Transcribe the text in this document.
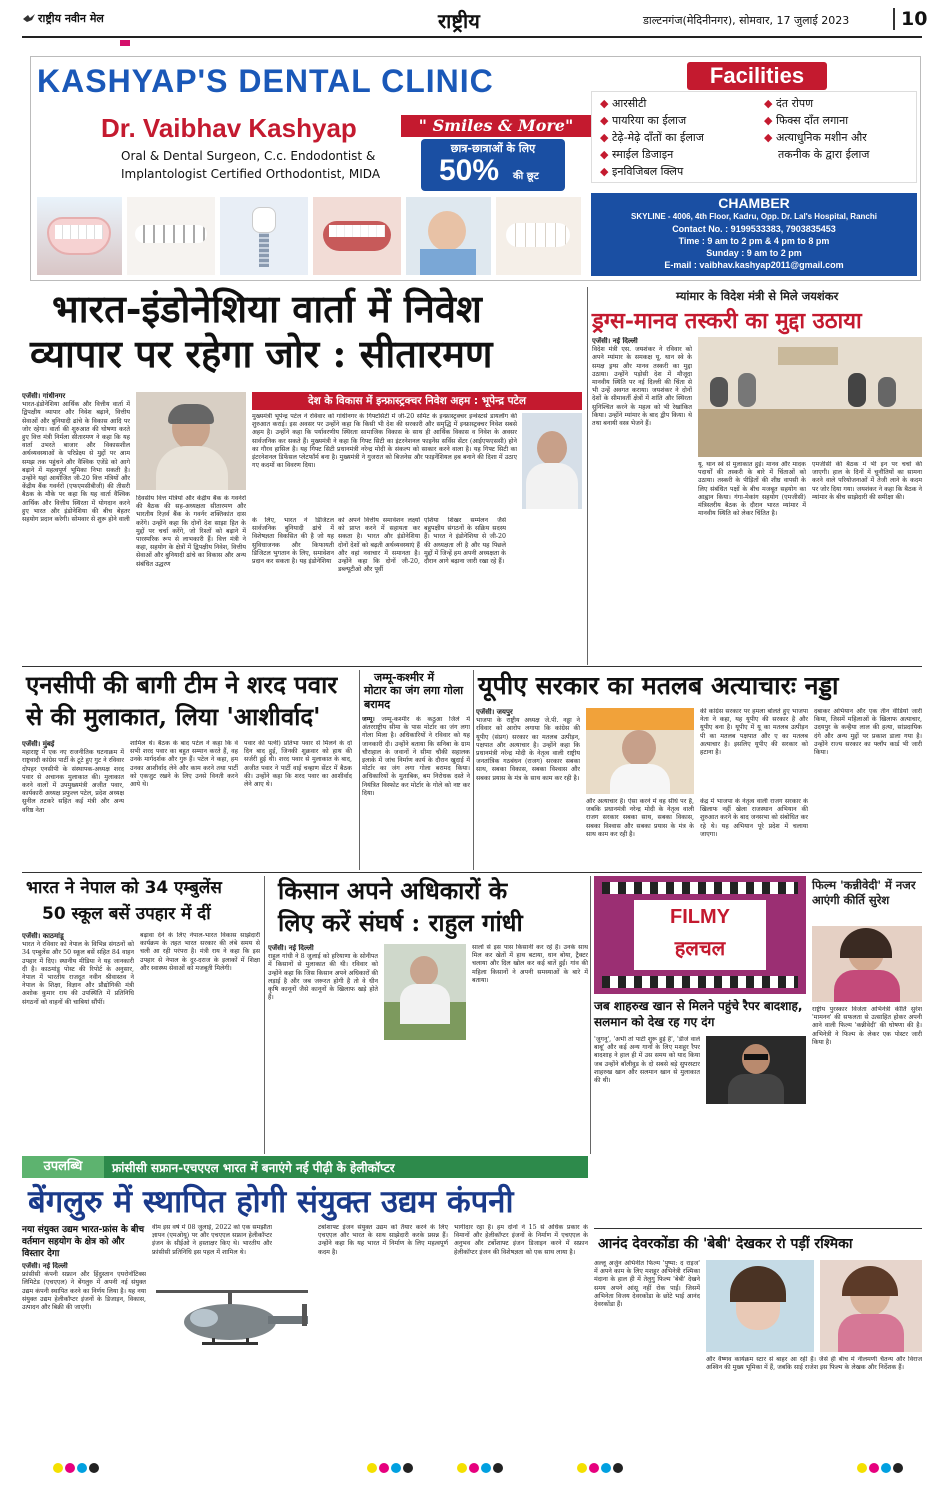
राष्ट्रीय नवीन मेल	राष्ट्रीय	डाल्टनगंज(मेदिनीनगर), सोमवार, 17 जुलाई 2023	10
KASHYAP'S DENTAL CLINIC
Dr. Vaibhav Kashyap	" Smiles & More"
Oral & Dental Surgeon, C.c. Endodontist &
Implantologist Certified Orthodontist, MIDA
छात्र-छात्राओं के लिए
50% की छूट
Facilities
◆ आरसीटी
◆ पायरिया का ईलाज
◆ टेढ़े-मेढ़े दाँतों का ईलाज
◆ स्माईल डिजाइन
◆ इनविजिबल क्लिप
◆ दंत रोपण
◆ फिक्स दाँत लगाना
◆ अत्याधुनिक मशीन और
तकनीक के द्वारा ईलाज
CHAMBER
SKYLINE - 4006, 4th Floor, Kadru, Opp. Dr. Lal's Hospital, Ranchi
Contact No. : 9199533383, 7903835453
Time : 9 am to 2 pm & 4 pm to 8 pm
Sunday : 9 am to 2 pm
E-mail : vaibhav.kashyap2011@gmail.com
भारत-इंडोनेशिया वार्ता में निवेश
व्यापार पर रहेगा जोर : सीतारमण
एजेंसी। गांधीनगर
भारत-इंडोनेशिया आर्थिक और वित्तीय वार्ता में द्विपक्षीय व्यापार और निवेश बढ़ाने, वित्तीय सेवाओं और बुनियादी ढांचे के विकास आदि पर जोर रहेगा। वार्ता की शुरुआत की घोषणा करते हुए वित्त मंत्री निर्मला सीतारमण ने कहा कि यह वार्ता उभरते बाजार और विकासशील अर्थव्यवस्थाओं के परिप्रेक्ष्य से मुद्दों पर आम समझ तक पहुंचने और वैश्विक एजेंडे को आगे बढ़ाने में महत्वपूर्ण भूमिका निभा सकती है। उन्होंने यहां आयोजित जी-20 वित्त मंत्रियों और केंद्रीय बैंक गवर्नरों (एफएमसीबीजी) की तीसरी बैठक के मौके पर कहा कि यह वार्ता वैश्विक आर्थिक और वित्तीय स्थिरता में योगदान करने हुए भारत और इंडोनेशिया की बीच बेहतर सहयोग प्रदान करेगी। सोमवार से शुरू होने वाली
दिवसीय वित्त मंत्रियों और केंद्रीय बैंक के गवर्नरों की बैठक की सह-अध्यक्षता सीतारमण और भारतीय रिज़र्व बैंक के गवर्नर शक्तिकांत दास करेंगे। उन्होंने कहा कि दोनों देश साझा हित के मुद्दों पर चर्चा करेंगे, जो रिश्तों को बढ़ाने में पारस्परिक रूप से लाभकारी हैं। वित्त मंत्री ने कहा, सहयोग के क्षेत्रों में द्विपक्षीय निवेश, वित्तीय सेवाओं और बुनियादी ढांचे का विकास और अन्य संबंधित उद्धरण
देश के विकास में इन्फ्रास्ट्रक्चर निवेश अहम : भूपेन्द्र पटेल
मुख्यमंत्री भूपेन्द्र पटेल ने रविवार को गांधीनगर के गिफ्टसिटी में जी-20 समिट के इन्फ्रास्ट्रक्चर इन्वेस्टर्स डायलॉग की शुरुआत कराई। इस अवसर पर उन्होंने कहा कि किसी भी देश की सरकारी और समृद्धि में इन्फ्रास्ट्रक्चर निवेश सबसे अहम है। उन्होंने कहा कि पर्यावरणीय स्थिरता सामाजिक विकास के साथ ही आर्थिक विकास व निवेश के अवसर सार्वजनिक कर सकते हैं। मुख्यमंत्री ने कहा कि गिफ्ट सिटी का इंटरनेशनल फाइनेंस सर्विस सेंटर (आईएफएससी) होने का गौरव हासिल है। यह गिफ्ट सिटी प्रधानमंत्री नरेन्द्र मोदी के संकल्प को साकार करने वाला है। यह गिफ्ट सिटी का इंटरनेशनल डिफेंसल प्लेटफॉर्म बना है। मुख्यमंत्री ने गुजरात को बिजनेस और फाइनेंशियल हब बनाने की दिशा में उठाए गए कदमों का विवरण दिया।
के लिए, भारत ने डिजिटल सार्वजनिक बुनियादी ढांचे में विशेषज्ञता विकसित की है जो यह सुविधाजनक और किफायती डिजिटल भुगतान के लिए, समावेशन प्रदान कर सकता है। यह इंडोनेशिया
को अपने वित्तीय समावेशन लक्ष्यों को प्राप्त करने में सहायता कर सकता है। भारत और इंडोनेशिया दोनों देशों को बढ़ती अर्थव्यवस्थाएं हैं और वहां नवाचार में समानता है। उन्होंने कहा कि दोनों जी-20, डब्ल्यूटीओ और पूर्वी
एशिया शिखर सम्मेलन जैसे बहुपक्षीय संगठनों के सक्रिय सदस्य हैं। भारत ने इंडोनेशिया से जी-20 की अध्यक्षता ली है और यह पिछले मुद्दों में जिन्हें हम अपनी अध्यक्षता के दौरान आगे बढ़ाना जारी रखा रहे हैं।
म्यांमार के विदेश मंत्री से मिले जयशंकर
ड्रग्स-मानव तस्करी का मुद्दा उठाया
एजेंसी। नई दिल्ली
विदेश मंत्री एस. जयशंकर ने रविवार को अपने म्यांमार के समकक्ष यू. थान स्वे के समक्ष ड्रग्स और मानव तस्करी का मुद्दा उठाया। उन्होंने पड़ोसी देश में मौजूदा मानवीय स्थिति पर नई दिल्ली की चिंता से भी उन्हें अवगत कराया। जयशंकर ने दोनों देशों के सीमावर्ती क्षेत्रों में शांति और स्थिरता सुनिश्चित करने के महत्व को भी रेखांकित किया। उन्होंने म्यांमार के बाद द्वीप किया। थे तथा बनायी वस्त्र भेजने हैं।
यू. थान स्वे से मुलाकात हुई। मानव और मादक पदार्थों की तस्करी के बारे में चिंताओं को उठाया। तस्करी के पीड़ितों की शीघ्र वापसी के लिए संबंधित पक्षों के बीच मजबूत सहयोग का आह्वान किया। गंगा-मेकांग सहयोग (एमजीसी) मंत्रिस्तरीय बैठक के दौरान भारत म्यांमार में मानवीय स्थिति को लेकर चिंतित है।
एमजीसी की बैठक में भी इन पर चर्चा की जाएगी। हाल के दिनों में चुनौतियों का सामना करने वाले परियोजनाओं में तेजी लाने के कदम पर जोर दिया गया। जयशंकर ने कहा कि बैठक ने म्यांमार के बीच साझेदारी की समीक्षा की।
एनसीपी की बागी टीम ने शरद पवार
से की मुलाकात, लिया 'आशीर्वाद'
एजेंसी। मुंबई
महाराष्ट्र में एक नए राजनीतिक घटनाक्रम में राष्ट्रवादी कांग्रेस पार्टी के टूटे हुए गुट ने रविवार दोपहर एनसीपी के संस्थापक-अध्यक्ष शरद पवार से अचानक मुलाकात की। मुलाकात करने वालों में उपमुख्यमंत्री अजीत पवार, कार्यकारी अध्यक्ष प्रफुल्ल पटेल, प्रदेश अध्यक्ष सुनील तटकरे सहित कई मंत्री और अन्य वरिष्ठ नेता
शामिल थे। बैठक के बाद पटेल ने कहा कि वे सभी शरद पवार का बहुत सम्मान करते हैं, वह उनके मार्गदर्शक और गुरु हैं। पटेल ने कहा, हम उनका आशीर्वाद लेने और काम करने तथा पार्टी को एकजुट रखने के लिए उनसे विनती करने आये थे।
पवार की पत्नी) प्रतिभा पवार से मिलने के दो दिन बाद हुई, जिनकी शुक्रवार को हाथ की सर्जरी हुई थी। शरद पवार से मुलाकात के बाद, अजीत पवार ने पार्टी वाई चव्हाण सेंटर में बैठक की। उन्होंने कहा कि शरद पवार का आशीर्वाद लेने आए थे।
जम्मू-कश्मीर में
मोटार का जंग लगा गोला बरामद
जम्मू। जम्मू-कश्मीर के कठुआ जिले में अंतरराष्ट्रीय सीमा के पास मोर्टार का जंग लगा गोला मिला है। अधिकारियों ने रविवार को यह जानकारी दी। उन्होंने बताया कि सनिबा के ग्राम चौराहाल के जवानों ने सीमा चौकी सहालक इलाके में जांच निर्माण कार्य के दौरान खुदाई में मोर्टार का जंग लगा गोला बरामद किया। अधिकारियों के मुताबिक, बम निरोधक दस्ते ने नियंत्रित विस्फोट कर मोर्टार के गोले को नष्ट कर दिया।
यूपीए सरकार का मतलब अत्याचारः नड्डा
एजेंसी। जयपुर
भाजपा के राष्ट्रीय अध्यक्ष जे.पी. नड्डा ने रविवार को आरोप लगाया कि कांग्रेस की यूपीए (संप्रग) सरकार का मतलब उत्पीड़न, पक्षपात और अत्याचार है। उन्होंने कहा कि प्रधानमंत्री नरेन्द्र मोदी के नेतृत्व वाली राष्ट्रीय जनतांत्रिक गठबंधन (राजग) सरकार सबका साथ, सबका विकास, सबका विश्वास और सबका प्रयास के मंत्र के साथ काम कर रही है।
और अत्याचार है। ऐसा करने में वह सीधे पर है, जबकि प्रधानमंत्री नरेन्द्र मोदी के नेतृत्व वाली राजग सरकार सबका साथ, सबका विकास, सबका विश्वास और सबका प्रयास के मंत्र के साथ काम कर रही है।
की कांग्रेस सरकार पर हमला बोलते हुए भाजपा नेता ने कहा, यह यूपीए की सरकार है और यूपीए बना है। यूपीए में यू का मतलब उत्पीड़न पी का मतलब पक्षपात और ए का मतलब अत्याचार है। इसलिए यूपीए की सरकार को हटाना है।
केंद्र में भाजपा के नेतृत्व वाली राजग सरकार के खिलाफ नहीं खेला राजस्थान अभियान की शुरुआत करने के बाद जनसभा को संबोधित कर रहे थे। यह अभियान पूरे प्रदेश में चलाया जाएगा।
दबाकर अभियान और एक तीन वीडियो जारी किया, जिसमें महिलाओं के खिलाफ अत्याचार, उदयपुर के कन्हैया लाल की हत्या, सांप्रदायिक दंगे और अन्य मुद्दों पर प्रकाश डाला गया है। उन्होंने राज्य सरकार का फ्लॉप कार्ड भी जारी किया।
भारत ने नेपाल को 34 एम्बुलेंस
50 स्कूल बसें उपहार में दीं
एजेंसी। काठमांडू
भारत ने रविवार को नेपाल के विभिन्न संगठनों को 34 एम्बुलेंस और 50 स्कूल बसें सहित 84 वाहन उपहार में दिए। स्थानीय मीडिया ने यह जानकारी दी है। काठमांडू पोस्ट की रिपोर्ट के अनुसार, नेपाल में भारतीय राजदूत नवीन श्रीवास्तव ने नेपाल के शिक्षा, विज्ञान और प्रौद्योगिकी मंत्री अशोक कुमार राय की उपस्थिति में प्रतिनिधि संगठनों को वाहनों की चाबियां सौंपीं।
बढ़ावा देने के लिए नेपाल-भारत विकास साझेदारी कार्यक्रम के तहत भारत सरकार की लंबे समय से चली आ रही परंपरा है। मंत्री राय ने कहा कि इस उपहार से नेपाल के दूर-दराज के इलाकों में शिक्षा और स्वास्थ्य सेवाओं को मजबूती मिलेगी।
किसान अपने अधिकारों के
लिए करें संघर्ष : राहुल गांधी
एजेंसी। नई दिल्ली
राहुल गांधी ने 8 जुलाई को हरियाणा के सोनीपत में किसानों से मुलाकात की थी। रविवार को उन्होंने कहा कि जिस किसान अपने अधिकारों की लड़ाई है और जब जरूरत होगी है तो वे धीन कृषि कानूनों जैसे कानूनों के खिलाफ खड़े होते हैं।
सालों से इस पास किसानी कर रहे हैं। उनके साथ मिल कर खेतों में हाथ बटाया, धान बोया, ट्रैक्टर चलाया और दिल खोल कर कई बातें हुईं। गांव की महिला किसानों ने अपनी समस्याओं के बारे में बताया।
FILMY
हलचल
फिल्म 'कन्नीवेदी' में नजर आएंगी कीर्ति सुरेश
राष्ट्रीय पुरस्कार विजेता अभिनेत्री कीर्ति सुरेश 'मामनन' की सफलता से उत्साहित होकर अपनी आने वाली फिल्म 'कन्नीवेदी' की घोषणा की है। अभिनेत्री ने फिल्म के लेकर एक पोस्टर जारी किया है।
जब शाहरुख खान से मिलने पहुंचे रैपर बादशाह, सलमान को देख रह गए दंग
'जुगनू', 'अभी तो पार्टी शुरू हुई है', 'डीजे वाले बाबू' और कई अन्य गानों के लिए मशहूर रैपर बादशाह ने हाल ही में उस समय को याद किया जब उन्होंने बॉलीवुड के दो सबसे बड़े सुपरस्टार शाहरुख खान और सलमान खान से मुलाकात की थी।
उपलब्धि	फ्रांसीसी सफ्रान-एचएएल भारत में बनाएंगे नई पीढ़ी के हेलीकॉप्टर
बेंगलुरु में स्थापित होगी संयुक्त उद्यम कंपनी
नया संयुक्त उद्यम भारत-फ्रांस के बीच वर्तमान सहयोग के क्षेत्र को और विस्तार देगा
एजेंसी। नई दिल्ली
फ्रांसीसी कंपनी सफ्रान और हिंदुस्तान एयरोनॉटिक्स लिमिटेड (एचएएल) ने बेंगलुरु में अपनी नई संयुक्त उद्यम कंपनी स्थापित करने का निर्णय लिया है। यह नया संयुक्त उद्यम हेलीकॉप्टर इंजनों के डिजाइन, विकास, उत्पादन और बिक्री की जाएगी।
वीम इस वर्ष में 08 जुलाई, 2022 को एक समझौता ज्ञापन (एमओयू) पर और एचएएल सफ्रान हेलीकॉप्टर इंजन के सीईओ ने हस्ताक्षर किए थे। भारतीय और फ्रांसीसी प्रतिनिधि इस पहल में शामिल थे।
टर्बोशाफ्ट इंजन संयुक्त उद्यम को तैयार करने के लिए एचएएल और भारत के साथ साझेदारी करके प्रसन्न हैं। उन्होंने कहा कि यह भारत में निर्माण के लिए महत्वपूर्ण कदम है।
भागीदार रहा है। हम दोनों ने 15 से अधिक प्रकार के विमानों और हेलीकॉप्टर इंजनों के निर्माण में एचएएल के अनुभव और टर्बोशाफ्ट इंजन डिजाइन करने में सफ्रान हेलीकॉप्टर इंजन की विशेषज्ञता को एक साथ लाया है।
आनंद देवरकोंडा की 'बेबी' देखकर रो पड़ीं रश्मिका
अल्लू अर्जुन अभिनीत फिल्म 'पुष्पा: द राइज' में अपने काम के लिए मशहूर अभिनेत्री रश्मिका मंदाना के हाल ही में तेलुगु फिल्म 'बेबी' देखने समय अपने आंसू नहीं रोक पाईं। जिसमें अभिनेता विजय देवरकोंडा के छोटे भाई आनंद देवरकोंडा हैं।
और वैष्णव कार्यक्रम स्टार से बाहर आ रही हैं। जैसे ही बीच में नीलमणी चैतन्य और विराज अश्विन की मुख्य भूमिका में हैं, जबकि साई राजेश इस फिल्म के लेखक और निर्देशक हैं।
